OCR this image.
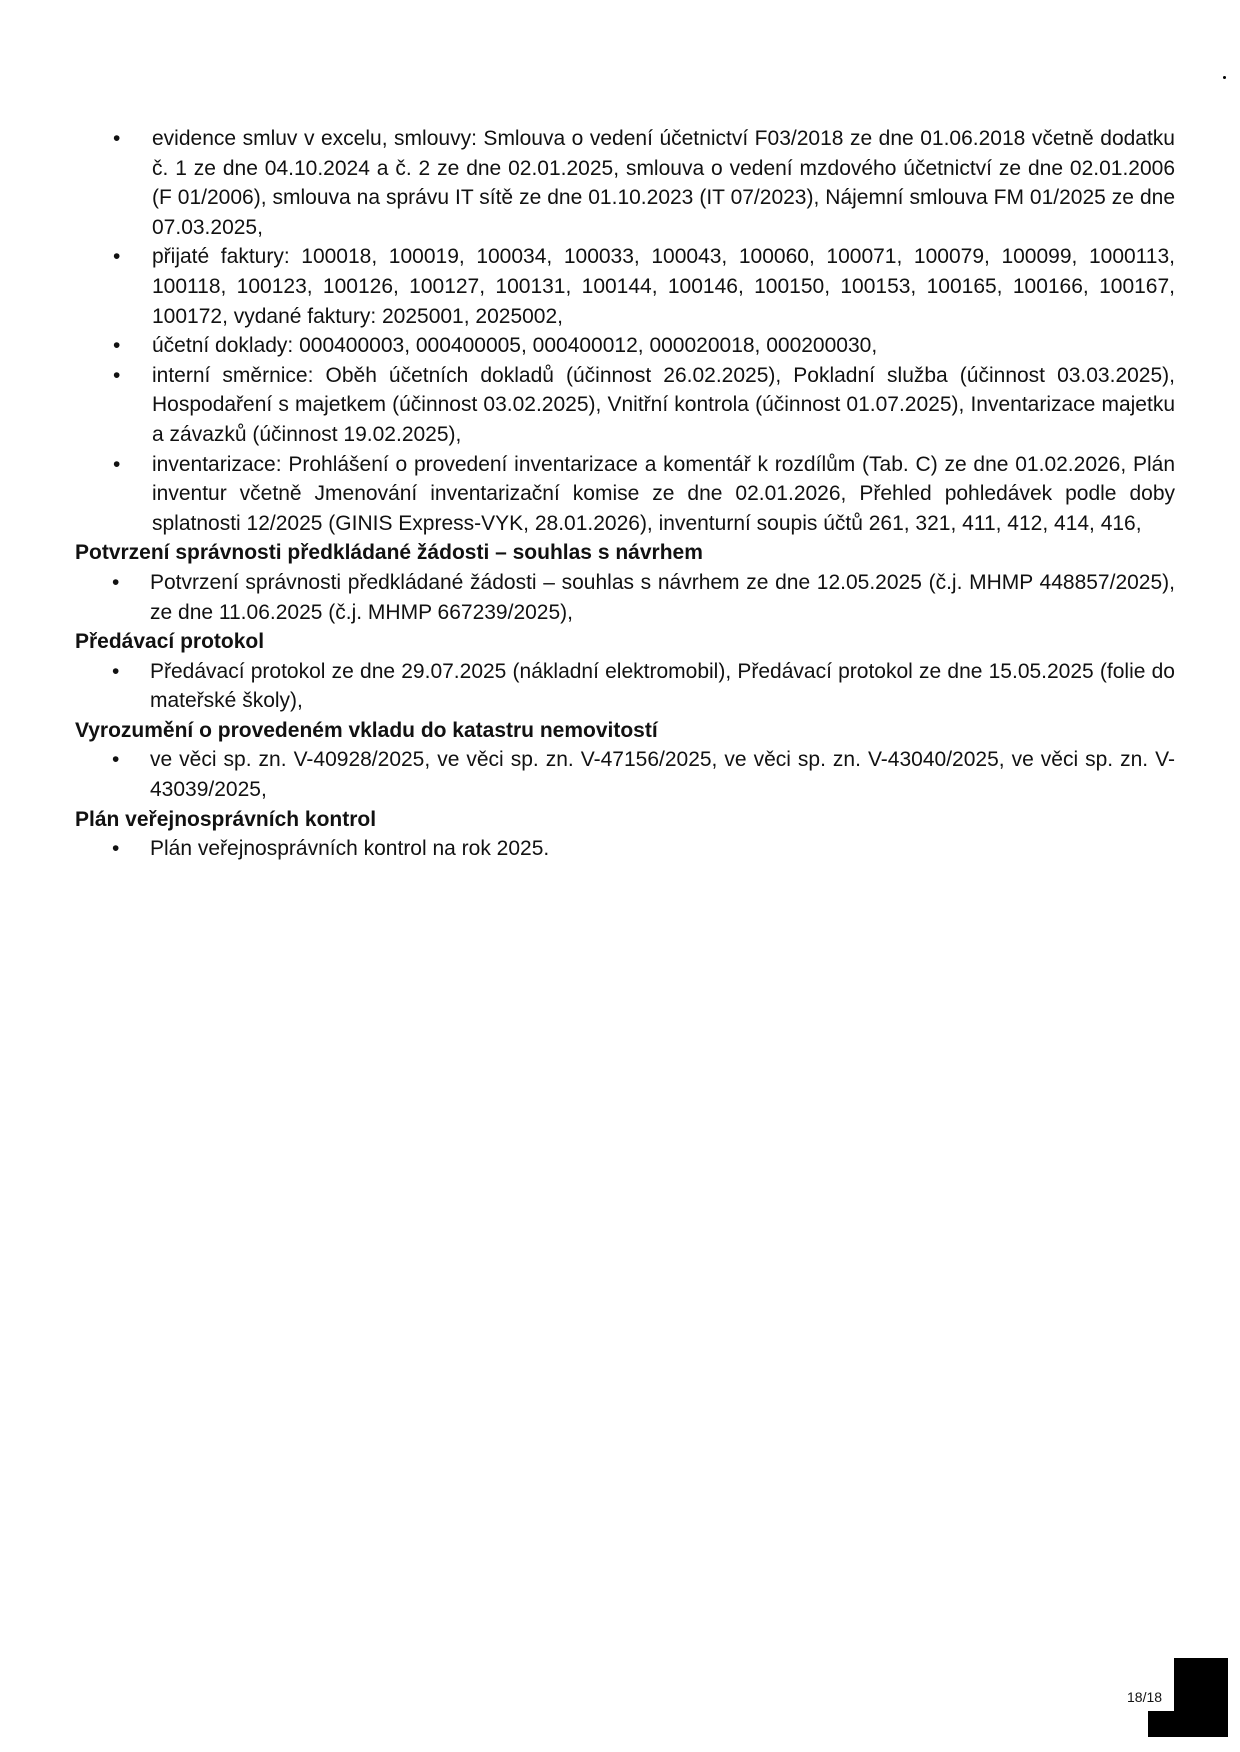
• evidence smluv v excelu, smlouvy: Smlouva o vedení účetnictví F03/2018 ze dne 01.06.2018 včetně dodatku č. 1 ze dne 04.10.2024 a č. 2 ze dne 02.01.2025, smlouva o vedení mzdového účetnictví ze dne 02.01.2006 (F 01/2006), smlouva na správu IT sítě ze dne 01.10.2023 (IT 07/2023), Nájemní smlouva FM 01/2025 ze dne 07.03.2025,
• přijaté faktury: 100018, 100019, 100034, 100033, 100043, 100060, 100071, 100079, 100099, 1000113, 100118, 100123, 100126, 100127, 100131, 100144, 100146, 100150, 100153, 100165, 100166, 100167, 100172, vydané faktury: 2025001, 2025002,
• účetní doklady: 000400003, 000400005, 000400012, 000020018, 000200030,
• interní směrnice: Oběh účetních dokladů (účinnost 26.02.2025), Pokladní služba (účinnost 03.03.2025), Hospodaření s majetkem (účinnost 03.02.2025), Vnitřní kontrola (účinnost 01.07.2025), Inventarizace majetku a závazků (účinnost 19.02.2025),
• inventarizace: Prohlášení o provedení inventarizace a komentář k rozdílům (Tab. C) ze dne 01.02.2026, Plán inventur včetně Jmenování inventarizační komise ze dne 02.01.2026, Přehled pohledávek podle doby splatnosti 12/2025 (GINIS Express-VYK, 28.01.2026), inventurní soupis účtů 261, 321, 411, 412, 414, 416,

Potvrzení správnosti předkládané žádosti – souhlas s návrhem

• Potvrzení správnosti předkládané žádosti – souhlas s návrhem ze dne 12.05.2025 (č.j. MHMP 448857/2025), ze dne 11.06.2025 (č.j. MHMP 667239/2025),

Předávací protokol

• Předávací protokol ze dne 29.07.2025 (nákladní elektromobil), Předávací protokol ze dne 15.05.2025 (folie do mateřské školy),

Vyrozumění o provedeném vkladu do katastru nemovitostí

• ve věci sp. zn. V-40928/2025, ve věci sp. zn. V-47156/2025, ve věci sp. zn. V-43040/2025, ve věci sp. zn. V-43039/2025,

Plán veřejnosprávních kontrol

• Plán veřejnosprávních kontrol na rok 2025.
18/18
